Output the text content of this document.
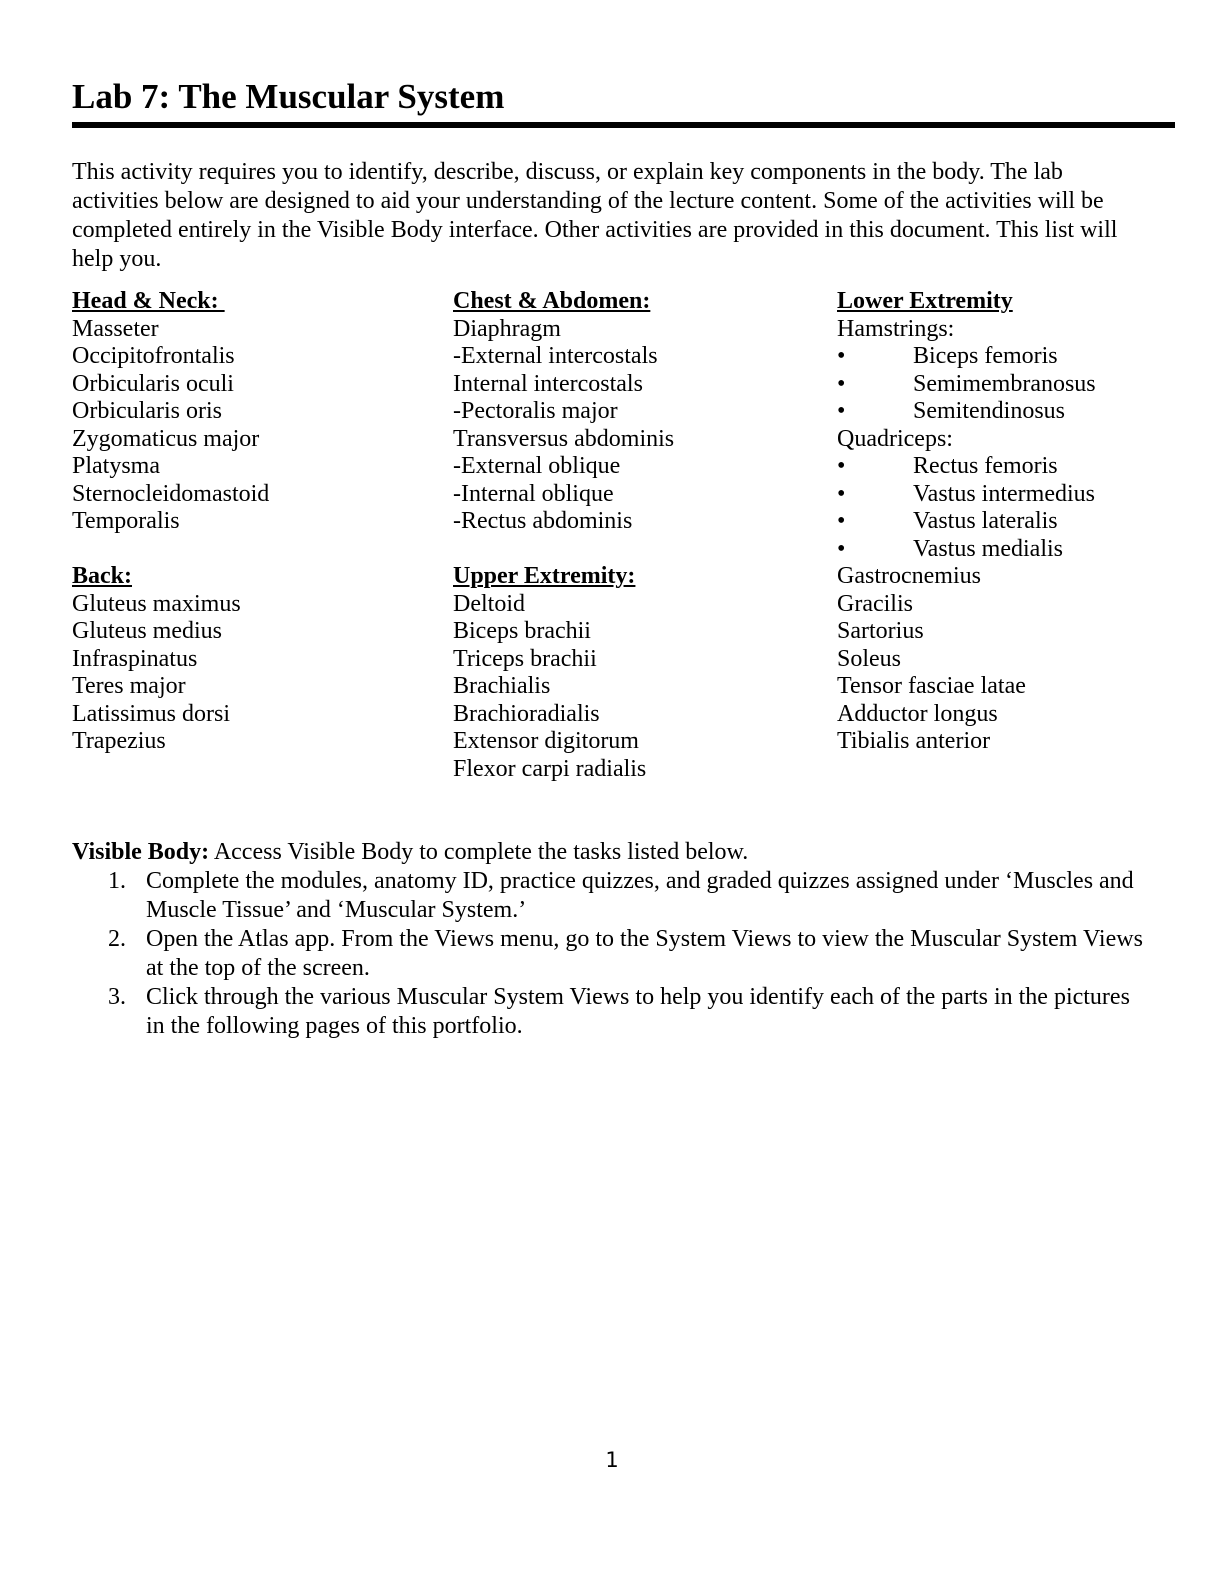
Lab 7: The Muscular System
This activity requires you to identify, describe, discuss, or explain key components in the body. The lab
activities below are designed to aid your understanding of the lecture content. Some of the activities will be
completed entirely in the Visible Body interface. Other activities are provided in this document. This list will
help you.
Head & Neck:
Masseter
Occipitofrontalis
Orbicularis oculi
Orbicularis oris
Zygomaticus major
Platysma
Sternocleidomastoid
Temporalis
Back:
Gluteus maximus
Gluteus medius
Infraspinatus
Teres major
Latissimus dorsi
Trapezius
Chest & Abdomen:
Diaphragm
-External intercostals
Internal intercostals
-Pectoralis major
Transversus abdominis
-External oblique
-Internal oblique
-Rectus abdominis
Upper Extremity:
Deltoid
Biceps brachii
Triceps brachii
Brachialis
Brachioradialis
Extensor digitorum
Flexor carpi radialis
Lower Extremity
Hamstrings:
•	Biceps femoris
•	Semimembranosus
•	Semitendinosus
Quadriceps:
•	Rectus femoris
•	Vastus intermedius
•	Vastus lateralis
•	Vastus medialis
Gastrocnemius
Gracilis
Sartorius
Soleus
Tensor fasciae latae
Adductor longus
Tibialis anterior

Visible Body: Access Visible Body to complete the tasks listed below.

1. Complete the modules, anatomy ID, practice quizzes, and graded quizzes assigned under ‘Muscles and
Muscle Tissue’ and ‘Muscular System.’
2. Open the Atlas app. From the Views menu, go to the System Views to view the Muscular System Views
at the top of the screen.
3. Click through the various Muscular System Views to help you identify each of the parts in the pictures
in the following pages of this portfolio.
1
